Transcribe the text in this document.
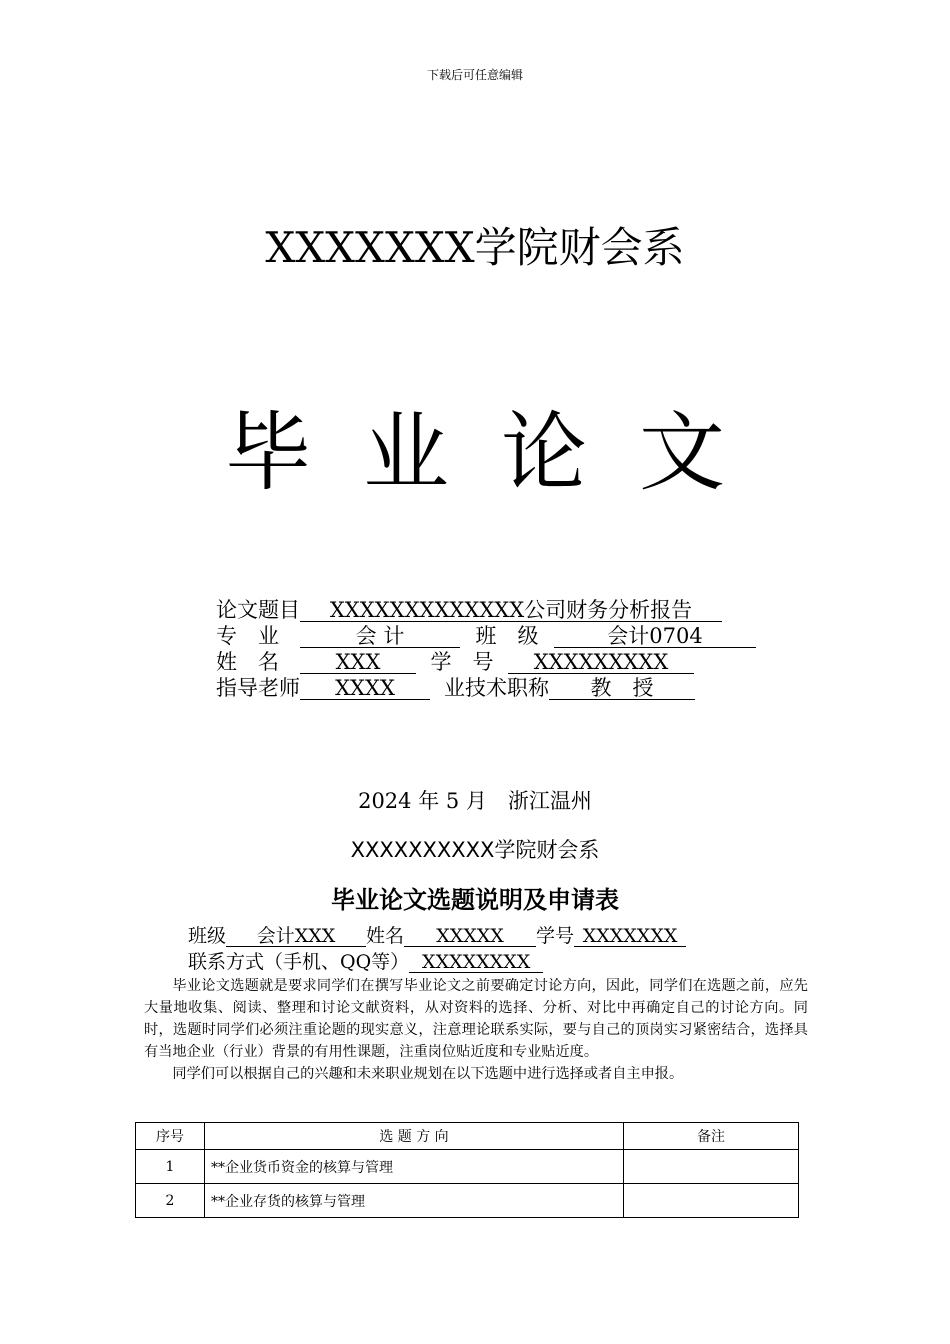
下载后可任意编辑
XXXXXXX学院财会系
毕业论文
论文题目 XXXXXXXXXXXXX公司财务分析报告
专　业	会 计	班　级	会计0704
姓　名	XXX 学　号 XXXXXXXXX
指导老师 XXXX 业技术职称 教　授
2024 年 5 月　浙江温州
XXXXXXXXXX学院财会系
毕业论文选题说明及申请表
班级 会计XXX 姓名 XXXXX 学号 XXXXXXX
联系方式（手机、QQ等） XXXXXXXX

毕业论文选题就是要求同学们在撰写毕业论文之前要确定讨论方向，因此，同学们在选题之前，应先大量地收集、阅读、整理和讨论文献资料，从对资料的选择、分析、对比中再确定自己的讨论方向。同时，选题时同学们必须注重论题的现实意义，注意理论联系实际，要与自己的顶岗实习紧密结合，选择具有当地企业（行业）背景的有用性课题，注重岗位贴近度和专业贴近度。

同学们可以根据自己的兴趣和未来职业规划在以下选题中进行选择或者自主申报。

序号	选 题 方 向	备注
1	**企业货币资金的核算与管理	
2	**企业存货的核算与管理	
